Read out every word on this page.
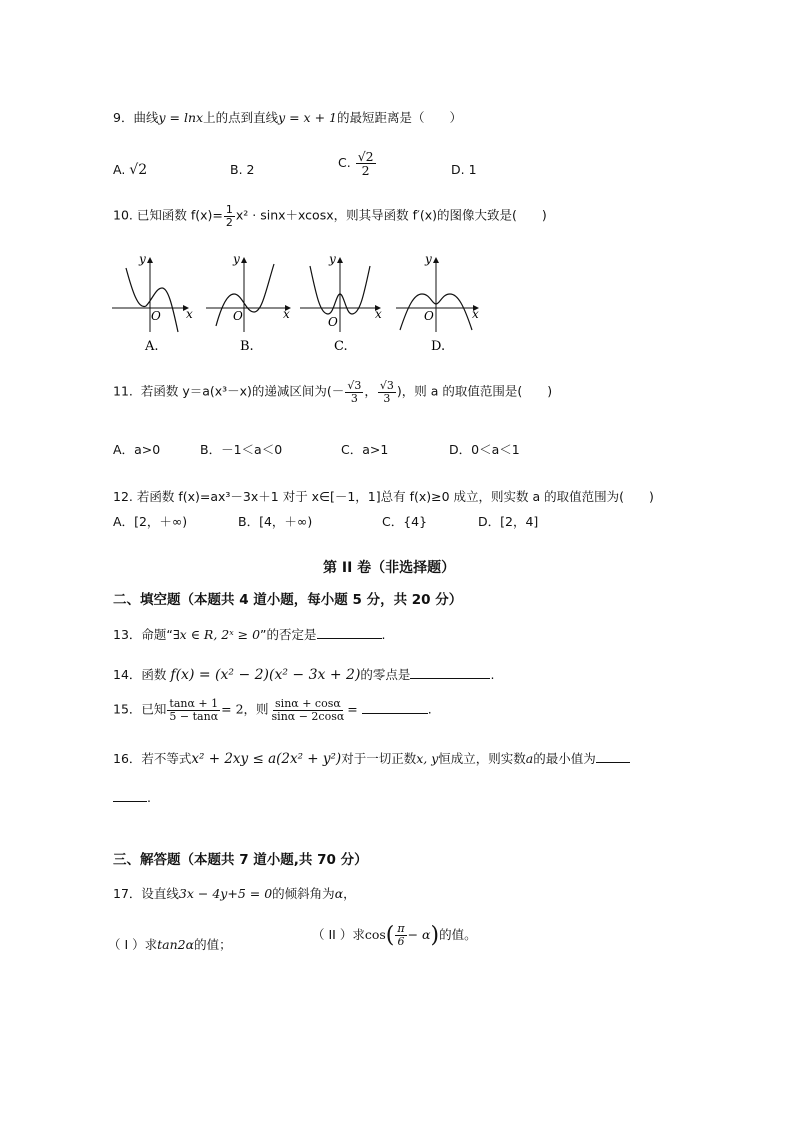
9．曲线y = lnx上的点到直线y = x + 1的最短距离是（　　）
A. √2	B. 2	C. $\frac{√2}{2}$	D. 1
10. 已知函数 $f(x)= \frac{1}{2} x^2 \cdot \sin x+xcosx$，则其导函数 f′(x)的图像大致是(　　)
y
x
O
A.
y
x
O
B.
y
x
O
C.
y
x
O
D.
11. 若函数 y＝a(x³－x)的递减区间为(－ $\frac{√3}{3}$ ， $\frac{√3}{3}$ )，则 a 的取值范围是(　　)
A．a>0	B．－1＜a＜0	C．a>1	D．0＜a＜1
12. 若函数 f(x)=ax³－3x＋1 对于 x∈[－1，1]总有 f(x)≥0 成立，则实数 a 的取值范围为(　　)
A．[2，＋∞)	B．[4，＋∞)	C．{4}	D．[2，4]
第 II 卷（非选择题）
二、填空题（本题共 4 道小题，每小题 5 分，共 20 分）
13．命题“∃x ∈ R, 2ˣ ≥ 0”的否定是	.
14．函数 f(x) = (x² − 2)(x² − 3x + 2)的零点是	.
15．已知 $\frac{\tan\alpha + 1}{5 - \tan\alpha} = 2$，则 $\frac{\sin\alpha + \cos\alpha}{\sin\alpha - 2\cos\alpha}$ =	.
16．若不等式x² + 2xy ≤ a(2x² + y²)对于一切正数x, y恒成立，则实数a的最小值为
.
三、解答题（本题共 7 道小题,共 70 分）
17．设直线3x − 4y+5 = 0的倾斜角为α，
（ I ）求tan2α的值；
（ II ）求$\cos( \frac{\pi}{6} - \alpha)$的值。
